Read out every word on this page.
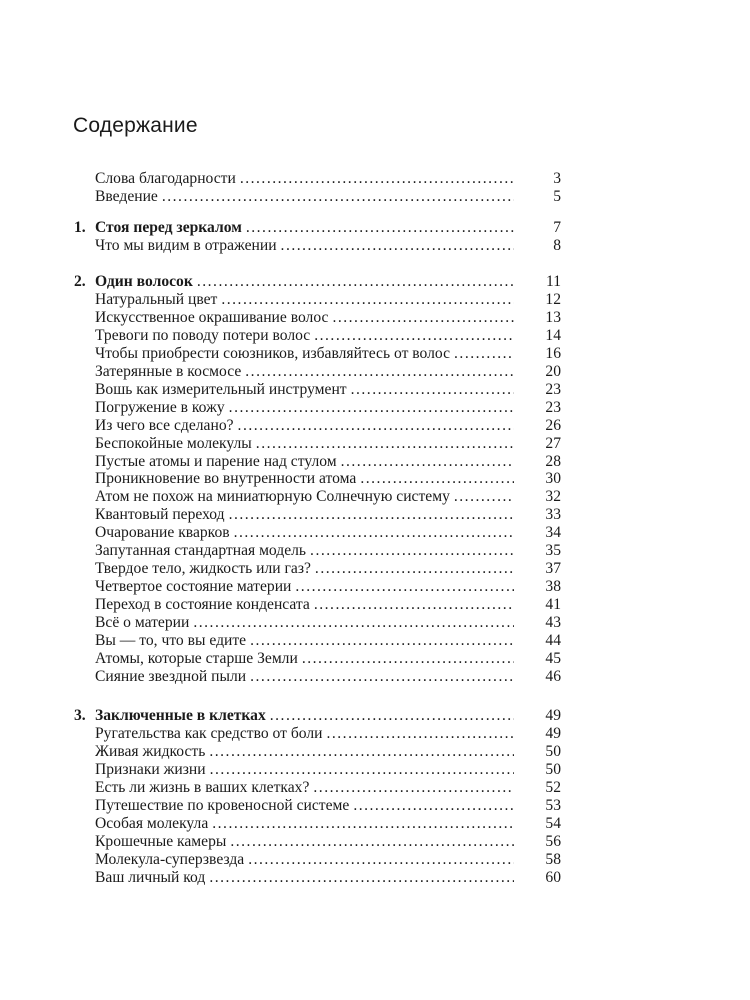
Содержание
Слова благодарности .....	3
Введение .....	5
1. Стоя перед зеркалом .....	7
Что мы видим в отражении .....	8
2. Один волосок .....	11
Натуральный цвет .....	12
Искусственное окрашивание волос .....	13
Тревоги по поводу потери волос .....	14
Чтобы приобрести союзников, избавляйтесь от волос .....	16
Затерянные в космосе .....	20
Вошь как измерительный инструмент .....	23
Погружение в кожу .....	23
Из чего все сделано? .....	26
Беспокойные молекулы .....	27
Пустые атомы и парение над стулом .....	28
Проникновение во внутренности атома .....	30
Атом не похож на миниатюрную Солнечную систему .....	32
Квантовый переход .....	33
Очарование кварков .....	34
Запутанная стандартная модель .....	35
Твердое тело, жидкость или газ? .....	37
Четвертое состояние материи .....	38
Переход в состояние конденсата .....	41
Всё о материи .....	43
Вы — то, что вы едите .....	44
Атомы, которые старше Земли .....	45
Сияние звездной пыли .....	46
3. Заключенные в клетках .....	49
Ругательства как средство от боли .....	49
Живая жидкость .....	50
Признаки жизни .....	50
Есть ли жизнь в ваших клетках? .....	52
Путешествие по кровеносной системе .....	53
Особая молекула .....	54
Крошечные камеры .....	56
Молекула-суперзвезда .....	58
Ваш личный код .....	60
